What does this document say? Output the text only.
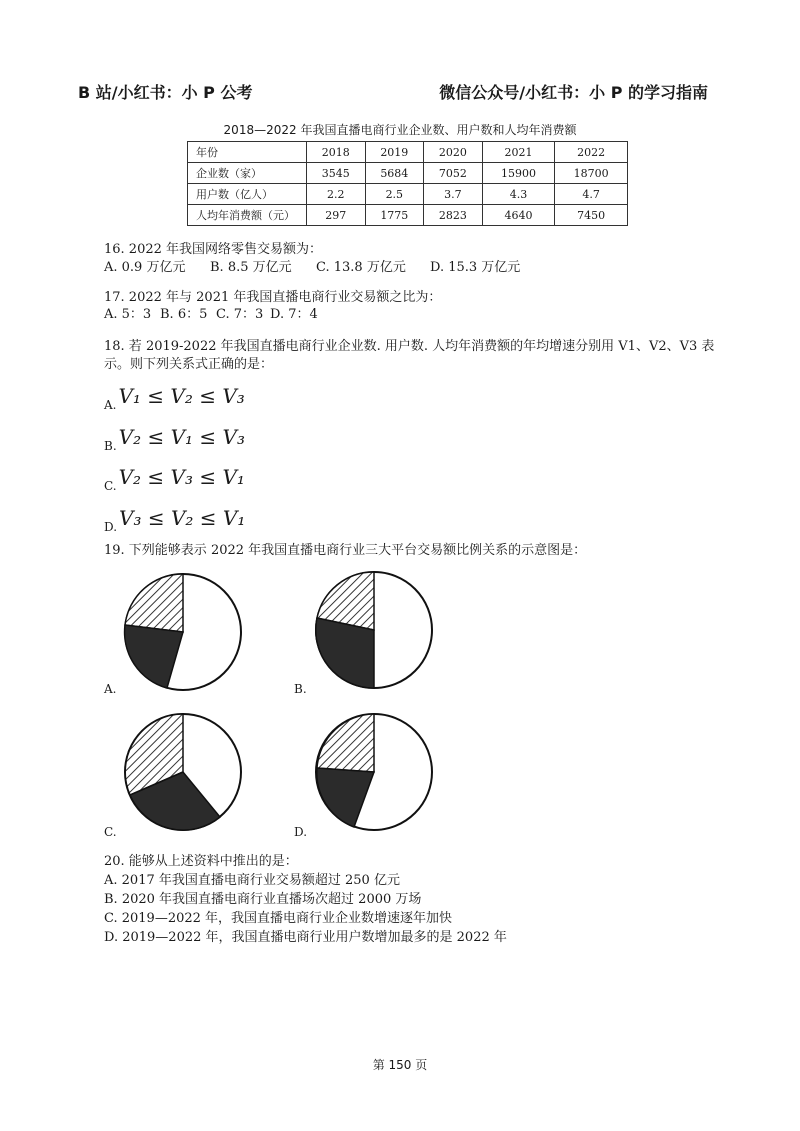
B 站/小红书：小 P 公考	微信公众号/小红书：小 P 的学习指南
2018—2022 年我国直播电商行业企业数、用户数和人均年消费额
年份	2018	2019	2020	2021	2022
企业数（家）	3545	5684	7052	15900	18700
用户数（亿人）	2.2	2.5	3.7	4.3	4.7
人均年消费额（元）	297	1775	2823	4640	7450
16. 2022 年我国网络零售交易额为：
A. 0.9 万亿元 B. 8.5 万亿元 C. 13.8 万亿元 D. 15.3 万亿元
17. 2022 年与 2021 年我国直播电商行业交易额之比为：
A. 5：3 B. 6：5 C. 7：3 D. 7：4
18. 若 2019-2022 年我国直播电商行业企业数. 用户数. 人均年消费额的年均增速分别用 V1、V2、V3 表
示。则下列关系式正确的是：
$_{A.}$ V₁ ≤ V₂ ≤ V₃
$_{B.}$ V₂ ≤ V₁ ≤ V₃
$_{C.}$ V₂ ≤ V₃ ≤ V₁
$_{D.}$ V₃ ≤ V₂ ≤ V₁
19. 下列能够表示 2022 年我国直播电商行业三大平台交易额比例关系的示意图是：
A.	B.
C.	D.
20. 能够从上述资料中推出的是：
A. 2017 年我国直播电商行业交易额超过 250 亿元
B. 2020 年我国直播电商行业直播场次超过 2000 万场
C. 2019—2022 年，我国直播电商行业企业数增速逐年加快
D. 2019—2022 年，我国直播电商行业用户数增加最多的是 2022 年
第 150 页
